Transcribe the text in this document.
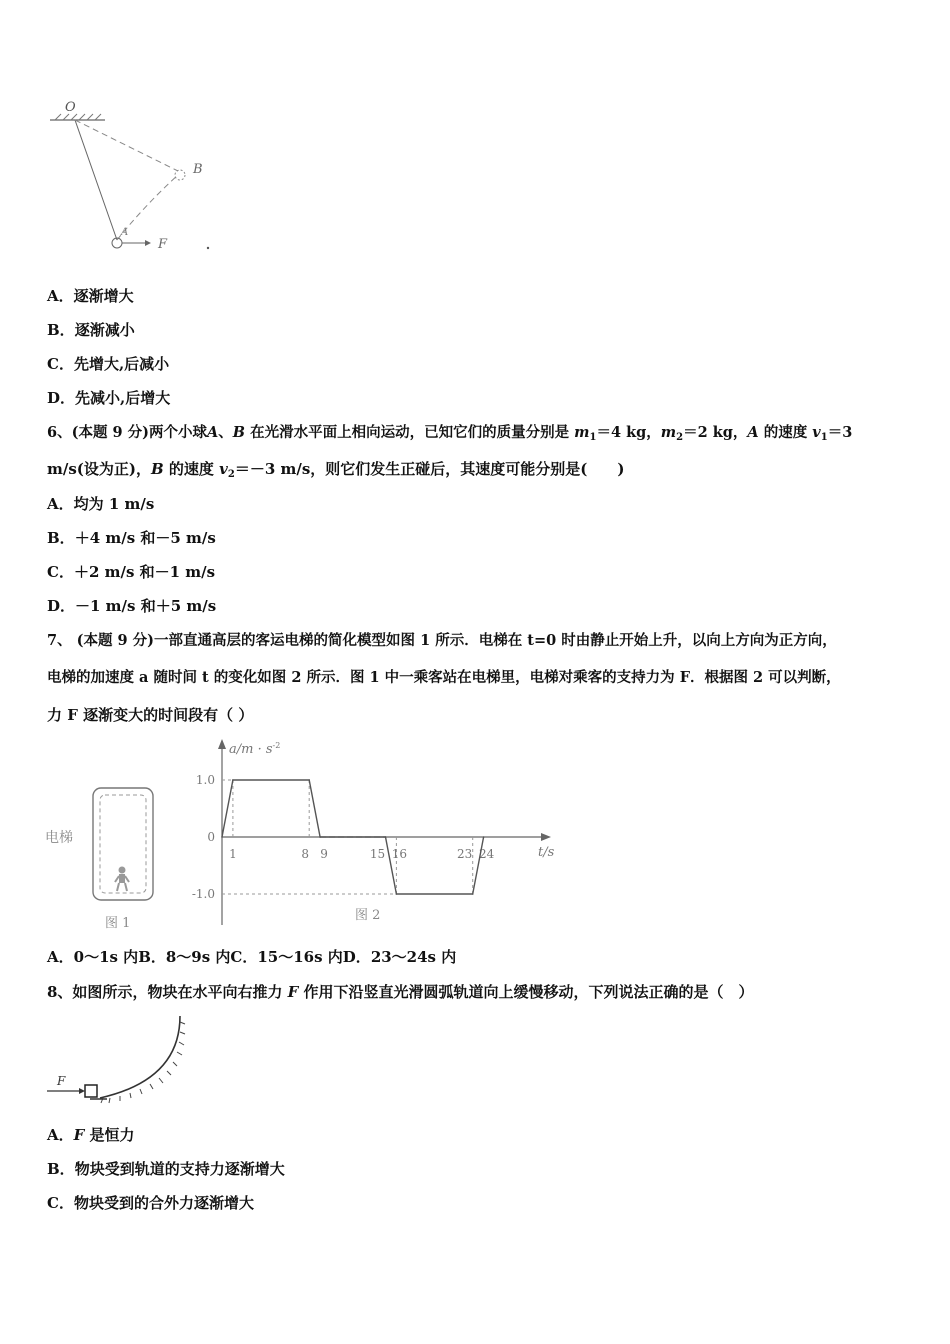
O
B
A
F
A．逐渐增大
B．逐渐减小
C．先增大,后减小
D．先减小,后增大
6、(本题 9 分)两个小球A、B 在光滑水平面上相向运动，已知它们的质量分别是 $m_1=4$ kg，$m_2=2$ kg，A 的速度 $v_1=3$
m/s(设为正)，B 的速度 $v_2=-3$ m/s，则它们发生正碰后，其速度可能分别是(　　)
A．均为 1 m/s
B．＋4 m/s 和－5 m/s
C．＋2 m/s 和－1 m/s
D．－1 m/s 和＋5 m/s
7、 (本题 9 分)一部直通高层的客运电梯的简化模型如图 1 所示．电梯在 t=0 时由静止开始上升，以向上方向为正方向，
电梯的加速度 a 随时间 t 的变化如图 2 所示．图 1 中一乘客站在电梯里，电梯对乘客的支持力为 F．根据图 2 可以判断，
力 F 逐渐变大的时间段有（ ）
电梯
图 1
$a/m \cdot s^{-2}$
t/s
图 2
1.0
0
-1.0
1	8 9	15 16	23 24
A．0～1s 内B．8～9s 内C．15～16s 内D．23～24s 内
8、如图所示，物块在水平向右推力 F 作用下沿竖直光滑圆弧轨道向上缓慢移动，下列说法正确的是（　）
F
A．F 是恒力
B．物块受到轨道的支持力逐渐增大
C．物块受到的合外力逐渐增大
